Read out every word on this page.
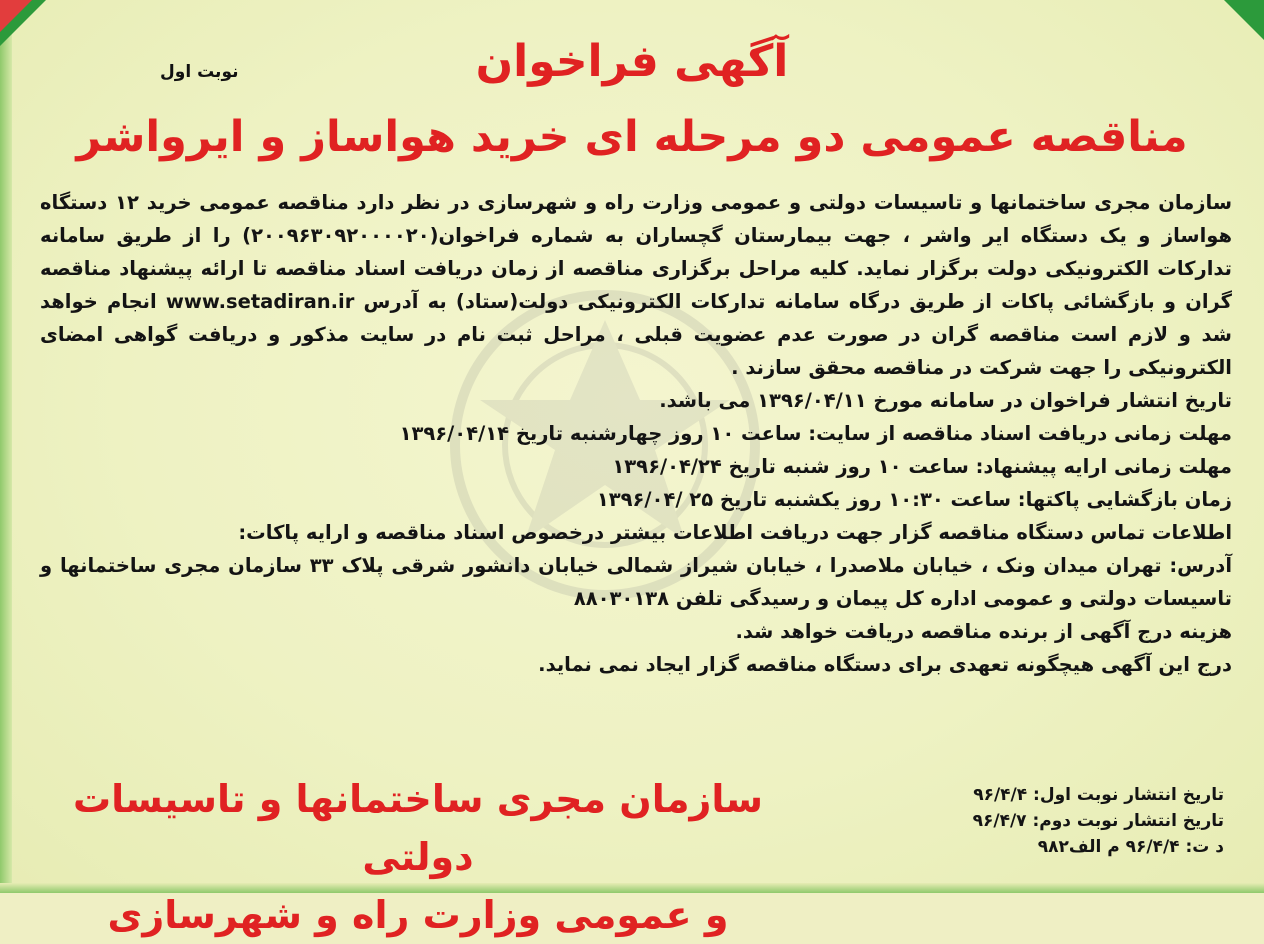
نوبت اول	آگهی فراخوان
مناقصه عمومی دو مرحله ای خرید هواساز و ایرواشر

سازمان مجری ساختمانها و تاسیسات دولتی و عمومی وزارت راه و شهرسازی در نظر دارد مناقصه عمومی خرید ۱۲ دستگاه هواساز و یک دستگاه ایر واشر ، جهت بیمارستان گچساران به شماره فراخوان(۲۰۰۹۶۳۰۹۲۰۰۰۰۲۰) را از طریق سامانه تدارکات الکترونیکی دولت برگزار نماید. کلیه مراحل برگزاری مناقصه از زمان دریافت اسناد مناقصه تا ارائه پیشنهاد مناقصه گران و بازگشائی پاکات از طریق درگاه سامانه تدارکات الکترونیکی دولت(ستاد) به آدرس www.setadiran.ir انجام خواهد شد و لازم است مناقصه گران در صورت عدم عضویت قبلی ، مراحل ثبت نام در سایت مذکور و دریافت گواهی امضای الکترونیکی را جهت شرکت در مناقصه محقق سازند .

تاریخ انتشار فراخوان در سامانه مورخ ۱۳۹۶/۰۴/۱۱ می باشد.

مهلت زمانی دریافت اسناد مناقصه از سایت: ساعت ۱۰ روز چهارشنبه تاریخ ۱۳۹۶/۰۴/۱۴

مهلت زمانی ارایه پیشنهاد: ساعت ۱۰ روز شنبه تاریخ ۱۳۹۶/۰۴/۲۴

زمان بازگشایی پاکتها: ساعت ۱۰:۳۰ روز یکشنبه تاریخ ۲۵ /۱۳۹۶/۰۴

اطلاعات تماس دستگاه مناقصه گزار جهت دریافت اطلاعات بیشتر درخصوص اسناد مناقصه و ارایه پاکات:

آدرس: تهران میدان ونک ، خیابان ملاصدرا ، خیابان شیراز شمالی خیابان دانشور شرقی پلاک ۳۳ سازمان مجری ساختمانها و تاسیسات دولتی و عمومی اداره کل پیمان و رسیدگی تلفن ۸۸۰۳۰۱۳۸

هزینه درج آگهی از برنده مناقصه دریافت خواهد شد.

درج این آگهی هیچگونه تعهدی برای دستگاه مناقصه گزار ایجاد نمی نماید.

تاریخ انتشار نوبت اول: ۹۶/۴/۴
تاریخ انتشار نوبت دوم: ۹۶/۴/۷
د ت: ۹۶/۴/۴ م الف۹۸۲
سازمان مجری ساختمانها و تاسیسات دولتی
و عمومی وزارت راه و شهرسازی
